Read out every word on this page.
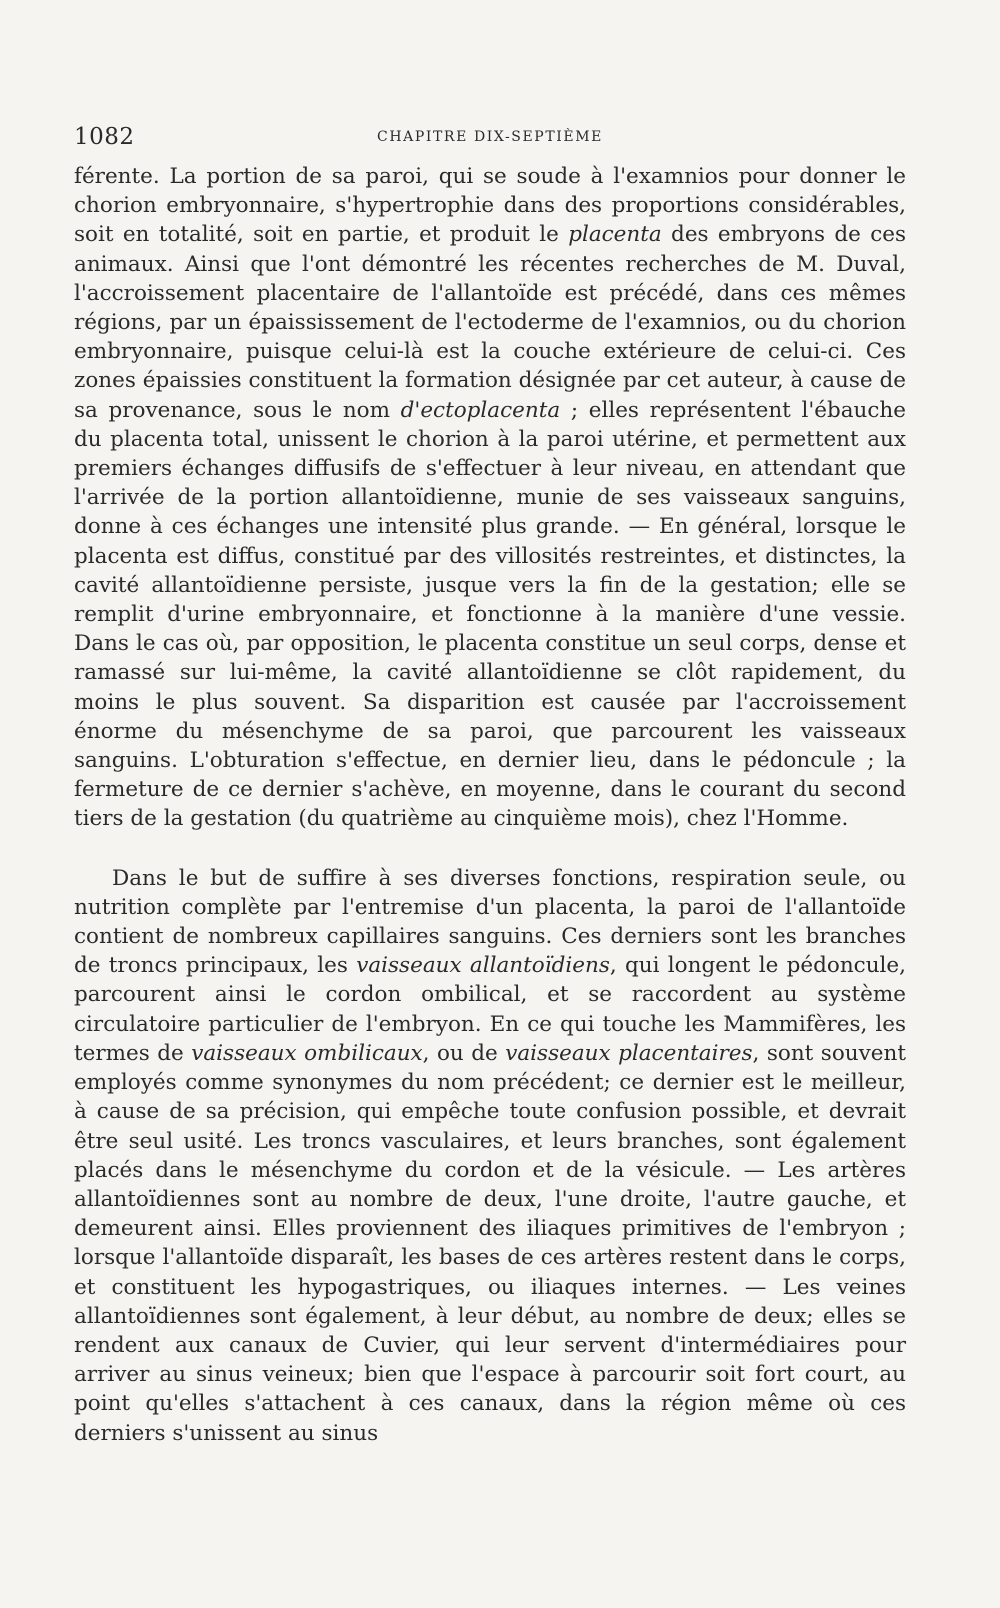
1082	CHAPITRE DIX-SEPTIÈME

férente. La portion de sa paroi, qui se soude à l'examnios pour donner le chorion embryonnaire, s'hypertrophie dans des proportions considérables, soit en totalité, soit en partie, et produit le placenta des embryons de ces animaux. Ainsi que l'ont démontré les récentes recherches de M. Duval, l'accroissement placentaire de l'allantoïde est précédé, dans ces mêmes régions, par un épaississement de l'ectoderme de l'examnios, ou du chorion embryonnaire, puisque celui-là est la couche extérieure de celui-ci. Ces zones épaissies constituent la formation désignée par cet auteur, à cause de sa provenance, sous le nom d'ectoplacenta ; elles représentent l'ébauche du placenta total, unissent le chorion à la paroi utérine, et permettent aux premiers échanges diffusifs de s'effectuer à leur niveau, en attendant que l'arrivée de la portion allantoïdienne, munie de ses vaisseaux sanguins, donne à ces échanges une intensité plus grande. — En général, lorsque le placenta est diffus, constitué par des villosités restreintes, et distinctes, la cavité allantoïdienne persiste, jusque vers la fin de la gestation; elle se remplit d'urine embryonnaire, et fonctionne à la manière d'une vessie. Dans le cas où, par opposition, le placenta constitue un seul corps, dense et ramassé sur lui-même, la cavité allantoïdienne se clôt rapidement, du moins le plus souvent. Sa disparition est causée par l'accroissement énorme du mésenchyme de sa paroi, que parcourent les vaisseaux sanguins. L'obturation s'effectue, en dernier lieu, dans le pédoncule ; la fermeture de ce dernier s'achève, en moyenne, dans le courant du second tiers de la gestation (du quatrième au cinquième mois), chez l'Homme.

Dans le but de suffire à ses diverses fonctions, respiration seule, ou nutrition complète par l'entremise d'un placenta, la paroi de l'allantoïde contient de nombreux capillaires sanguins. Ces derniers sont les branches de troncs principaux, les vaisseaux allantoïdiens, qui longent le pédoncule, parcourent ainsi le cordon ombilical, et se raccordent au système circulatoire particulier de l'embryon. En ce qui touche les Mammifères, les termes de vaisseaux ombilicaux, ou de vaisseaux placentaires, sont souvent employés comme synonymes du nom précédent; ce dernier est le meilleur, à cause de sa précision, qui empêche toute confusion possible, et devrait être seul usité. Les troncs vasculaires, et leurs branches, sont également placés dans le mésenchyme du cordon et de la vésicule. — Les artères allantoïdiennes sont au nombre de deux, l'une droite, l'autre gauche, et demeurent ainsi. Elles proviennent des iliaques primitives de l'embryon ; lorsque l'allantoïde disparaît, les bases de ces artères restent dans le corps, et constituent les hypogastriques, ou iliaques internes. — Les veines allantoïdiennes sont également, à leur début, au nombre de deux; elles se rendent aux canaux de Cuvier, qui leur servent d'intermédiaires pour arriver au sinus veineux; bien que l'espace à parcourir soit fort court, au point qu'elles s'attachent à ces canaux, dans la région même où ces derniers s'unissent au sinus
